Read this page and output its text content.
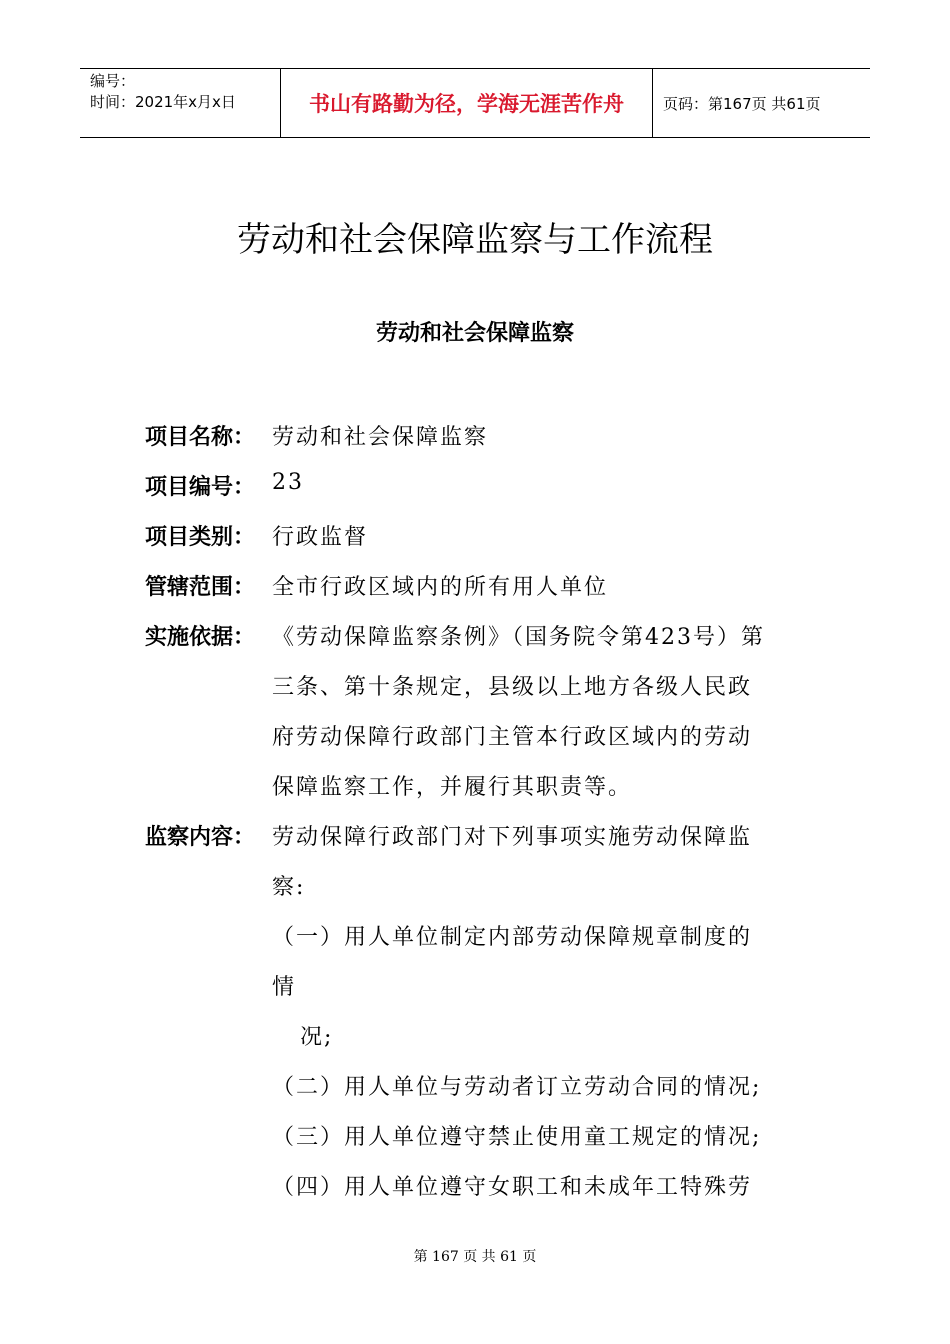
编号：
时间：2021年x月x日	书山有路勤为径，学海无涯苦作舟	页码：第167页 共61页
劳动和社会保障监察与工作流程
劳动和社会保障监察
项目名称： 劳动和社会保障监察
项目编号： 23
项目类别： 行政监督
管辖范围： 全市行政区域内的所有用人单位
实施依据： 《劳动保障监察条例》（国务院令第423号）第
三条、第十条规定，县级以上地方各级人民政
府劳动保障行政部门主管本行政区域内的劳动
保障监察工作，并履行其职责等。
监察内容： 劳动保障行政部门对下列事项实施劳动保障监
察:
（一）用人单位制定内部劳动保障规章制度的
情
况;
（二）用人单位与劳动者订立劳动合同的情况;
（三）用人单位遵守禁止使用童工规定的情况;
（四）用人单位遵守女职工和未成年工特殊劳
第 167 页 共 61 页
